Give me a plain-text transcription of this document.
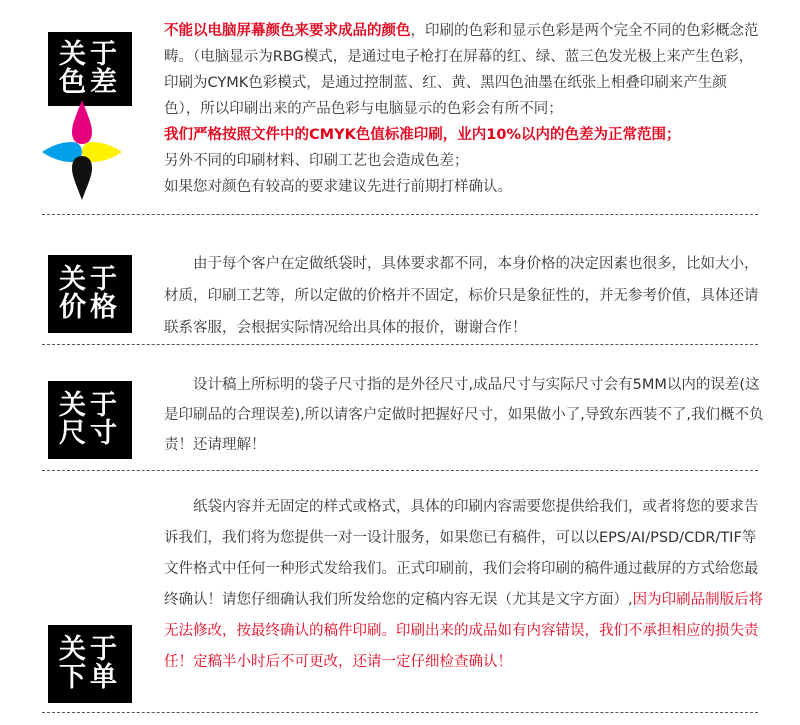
关于
色差

不能以电脑屏幕颜色来要求成品的颜色，印刷的色彩和显示色彩是两个完全不同的色彩概念范畴。（电脑显示为RBG模式，是通过电子枪打在屏幕的红、绿、蓝三色发光极上来产生色彩，印刷为CYMK色彩模式，是通过控制蓝、红、黄、黑四色油墨在纸张上相叠印刷来产生颜色），所以印刷出来的产品色彩与电脑显示的色彩会有所不同；

我们严格按照文件中的CMYK色值标准印刷，业内10%以内的色差为正常范围；

另外不同的印刷材料、印刷工艺也会造成色差；

如果您对颜色有较高的要求建议先进行前期打样确认。

关于
价格
由于每个客户在定做纸袋时，具体要求都不同，本身价格的决定因素也很多，比如大小，材质，印刷工艺等，所以定做的价格并不固定，标价只是象征性的，并无参考价值，具体还请联系客服，会根据实际情况给出具体的报价，谢谢合作！
关于
尺寸
设计稿上所标明的袋子尺寸指的是外径尺寸,成品尺寸与实际尺寸会有5MM以内的误差(这是印刷品的合理误差),所以请客户定做时把握好尺寸，如果做小了,导致东西装不了,我们概不负责！还请理解！
关于
下单
纸袋内容并无固定的样式或格式，具体的印刷内容需要您提供给我们，或者将您的要求告诉我们，我们将为您提供一对一设计服务，如果您已有稿件，可以以EPS/AI/PSD/CDR/TIF等文件格式中任何一种形式发给我们。正式印刷前，我们会将印刷的稿件通过截屏的方式给您最终确认！请您仔细确认我们所发给您的定稿内容无误（尤其是文字方面）,因为印刷品制版后将无法修改，按最终确认的稿件印刷。印刷出来的成品如有内容错误，我们不承担相应的损失责任！定稿半小时后不可更改，还请一定仔细检查确认！
